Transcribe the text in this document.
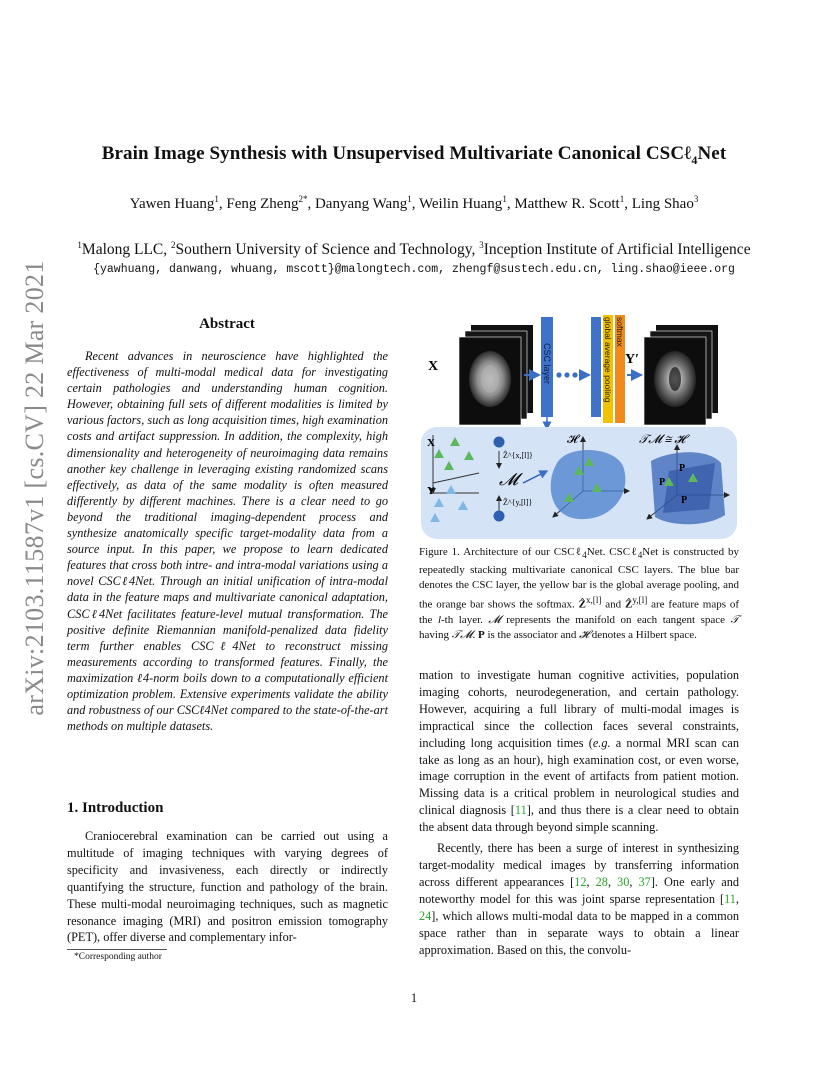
Brain Image Synthesis with Unsupervised Multivariate Canonical CSCℓ$_4$Net
Yawen Huang$^1$, Feng Zheng$^{2*}$, Danyang Wang$^1$, Weilin Huang$^1$, Matthew R. Scott$^1$, Ling Shao$^3$
$^1$Malong LLC, $^2$Southern University of Science and Technology, $^3$Inception Institute of Artificial Intelligence
{yawhuang, danwang, whuang, mscott}@malongtech.com, zhengf@sustech.edu.cn, ling.shao@ieee.org
arXiv:2103.11587v1 [cs.CV] 22 Mar 2021	Abstract

Recent advances in neuroscience have highlighted the effectiveness of multi-modal medical data for investigating certain pathologies and understanding human cognition. However, obtaining full sets of different modalities is limited by various factors, such as long acquisition times, high examination costs and artifact suppression. In addition, the complexity, high dimensionality and heterogeneity of neuroimaging data remains another key challenge in leveraging existing randomized scans effectively, as data of the same modality is often measured differently by different machines. There is a clear need to go beyond the traditional imaging-dependent process and synthesize anatomically specific target-modality data from a source input. In this paper, we propose to learn dedicated features that cross both intre- and intra-modal variations using a novel CSCℓ4Net. Through an initial unification of intra-modal data in the feature maps and multivariate canonical adaptation, CSCℓ4Net facilitates feature-level mutual transformation. The positive definite Riemannian manifold-penalized data fidelity term further enables CSCℓ4Net to reconstruct missing measurements according to transformed features. Finally, the maximization ℓ4-norm boils down to a computationally efficient optimization problem. Extensive experiments validate the ability and robustness of our CSCℓ4Net compared to the state-of-the-art methods on multiple datasets.

1. Introduction

Craniocerebral examination can be carried out using a multitude of imaging techniques with varying degrees of specificity and invasiveness, each directly or indirectly quantifying the structure, function and pathology of the brain. These multi-modal neuroimaging techniques, such as magnetic resonance imaging (MRI) and positron emission tomography (PET), offer diverse and complementary infor-

*Corresponding author
X	CSC layer	global average pooling softmax
Y′
X
Y
Ẑ^{x,[l]}
𝓜
Ẑ^{y,[l]}
𝓗	𝒯𝓜 ≅ 𝓗
P
P
P

Figure 1. Architecture of our CSCℓ$_4$Net. CSCℓ$_4$Net is constructed by repeatedly stacking multivariate canonical CSC layers. The blue bar denotes the CSC layer, the yellow bar is the global average pooling, and the orange bar shows the softmax. Ẑ$^{x,[l]}$ and Ẑ$^{y,[l]}$ are feature maps of the l-th layer. 𝓜 represents the manifold on each tangent space 𝒯 having 𝒯𝓜. P is the associator and 𝓗 denotes a Hilbert space.

mation to investigate human cognitive activities, population imaging cohorts, neurodegeneration, and certain pathology. However, acquiring a full library of multi-modal images is impractical since the collection faces several constraints, including long acquisition times (e.g. a normal MRI scan can take as long as an hour), high examination cost, or even worse, image corruption in the event of artifacts from patient motion. Missing data is a critical problem in neurological studies and clinical diagnosis [11], and thus there is a clear need to obtain the absent data through beyond simple scanning.

Recently, there has been a surge of interest in synthesizing target-modality medical images by transferring information across different appearances [12, 28, 30, 37]. One early and noteworthy model for this was joint sparse representation [11, 24], which allows multi-modal data to be mapped in a common space rather than in separate ways to obtain a linear approximation. Based on this, the convolu-

1
